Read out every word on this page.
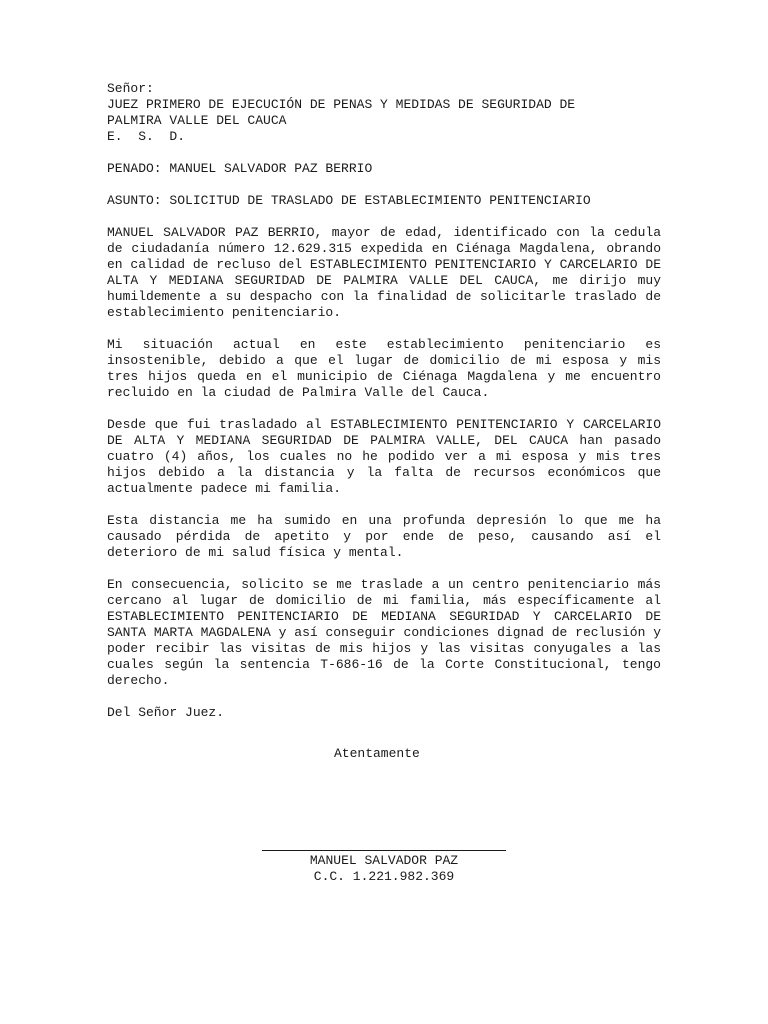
Señor:
JUEZ PRIMERO DE EJECUCIÓN DE PENAS Y MEDIDAS DE SEGURIDAD DE
PALMIRA VALLE DEL CAUCA
E.  S.  D.
PENADO: MANUEL SALVADOR PAZ BERRIO
ASUNTO: SOLICITUD DE TRASLADO DE ESTABLECIMIENTO PENITENCIARIO
MANUEL SALVADOR PAZ BERRIO, mayor de edad, identificado con la cedula de ciudadanía número 12.629.315 expedida en Ciénaga Magdalena, obrando en calidad de recluso del ESTABLECIMIENTO PENITENCIARIO Y CARCELARIO DE ALTA Y MEDIANA SEGURIDAD DE PALMIRA VALLE DEL CAUCA, me dirijo muy humildemente a su despacho con la finalidad de solicitarle traslado de establecimiento penitenciario.
Mi situación actual en este establecimiento penitenciario es insostenible, debido a que el lugar de domicilio de mi esposa y mis tres hijos queda en el municipio de Ciénaga Magdalena y me encuentro recluido en la ciudad de Palmira Valle del Cauca.
Desde que fui trasladado al ESTABLECIMIENTO PENITENCIARIO Y CARCELARIO DE ALTA Y MEDIANA SEGURIDAD DE PALMIRA VALLE, DEL CAUCA han pasado cuatro (4) años, los cuales no he podido ver a mi esposa y mis tres hijos debido a la distancia y la falta de recursos económicos que actualmente padece mi familia.
Esta distancia me ha sumido en una profunda depresión lo que me ha causado pérdida de apetito y por ende de peso, causando así el deterioro de mi salud física y mental.
En consecuencia, solicito se me traslade a un centro penitenciario más cercano al lugar de domicilio de mi familia, más específicamente al ESTABLECIMIENTO PENITENCIARIO DE MEDIANA SEGURIDAD Y CARCELARIO DE SANTA MARTA MAGDALENA y así conseguir condiciones dignad de reclusión y poder recibir las visitas de mis hijos y las visitas conyugales a las cuales según la sentencia T-686-16 de la Corte Constitucional, tengo derecho.
Del Señor Juez.
Atentamente
MANUEL SALVADOR PAZ
C.C. 1.221.982.369
